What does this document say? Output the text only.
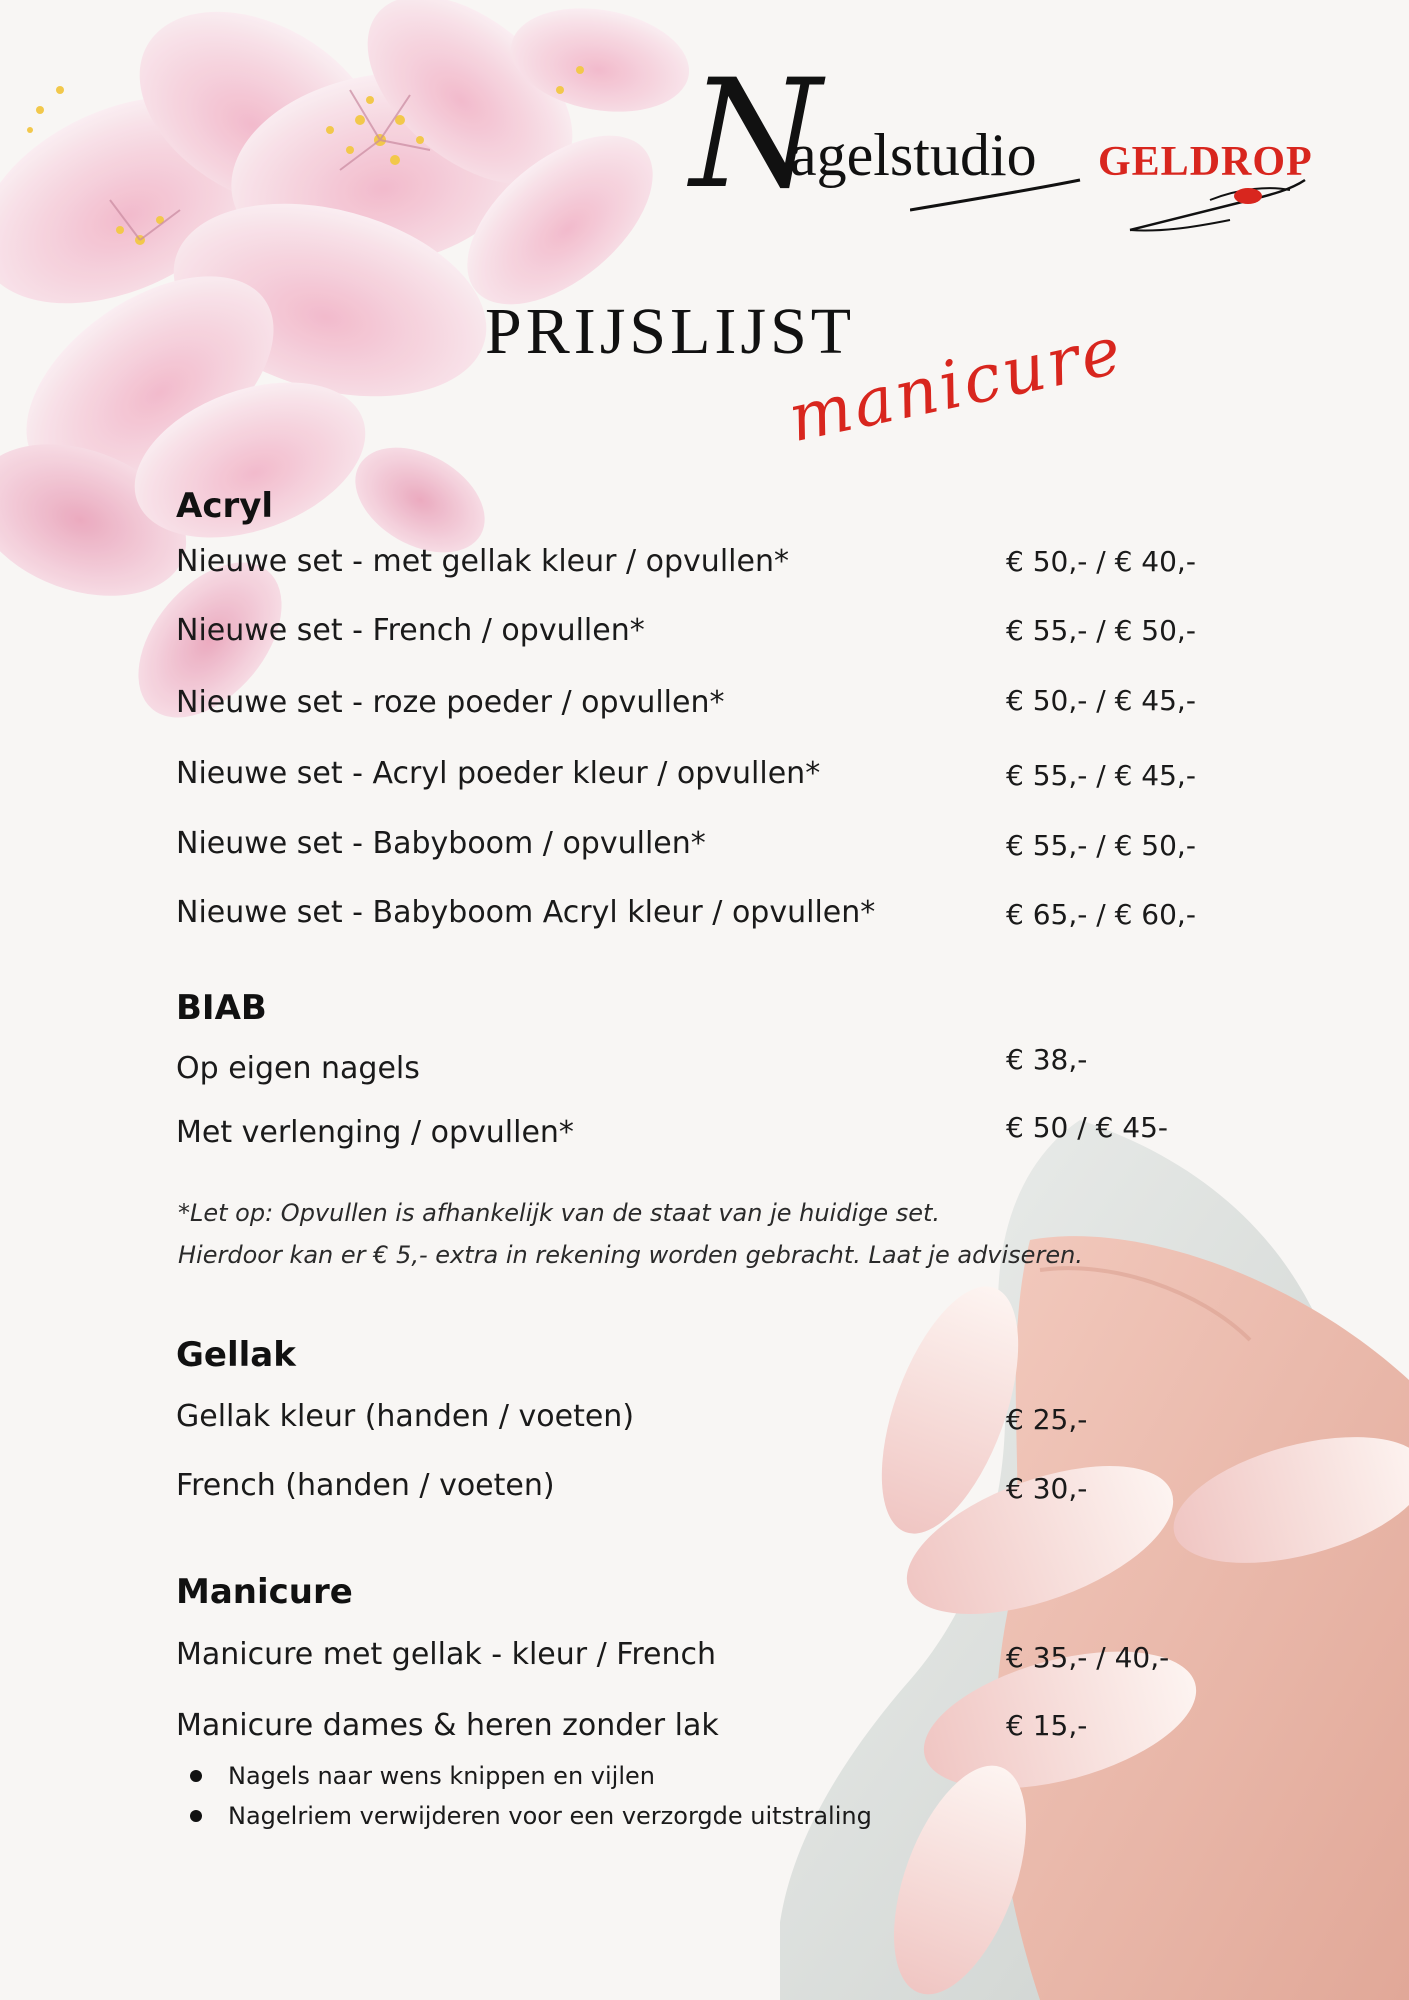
N
agelstudio GELDROP
PRIJSLIJST
manicure
Acryl
Nieuwe set - met gellak kleur / opvullen*	€ 50,- / € 40,-
Nieuwe set - French / opvullen*	€ 55,- / € 50,-
Nieuwe set - roze poeder / opvullen*	€ 50,- / € 45,-
Nieuwe set - Acryl poeder kleur / opvullen*	€ 55,- / € 45,-
Nieuwe set - Babyboom / opvullen*	€ 55,- / € 50,-
Nieuwe set - Babyboom Acryl kleur / opvullen*	€ 65,- / € 60,-
BIAB
Op eigen nagels	€ 38,-
Met verlenging / opvullen*	€ 50 / € 45-
*Let op: Opvullen is afhankelijk van de staat van je huidige set.
Hierdoor kan er € 5,- extra in rekening worden gebracht. Laat je adviseren.
Gellak
Gellak kleur (handen / voeten)	€ 25,-
French (handen / voeten)	€ 30,-
Manicure
Manicure met gellak - kleur / French	€ 35,- / 40,-
Manicure dames & heren zonder lak	€ 15,-
Nagels naar wens knippen en vijlen
Nagelriem verwijderen voor een verzorgde uitstraling
